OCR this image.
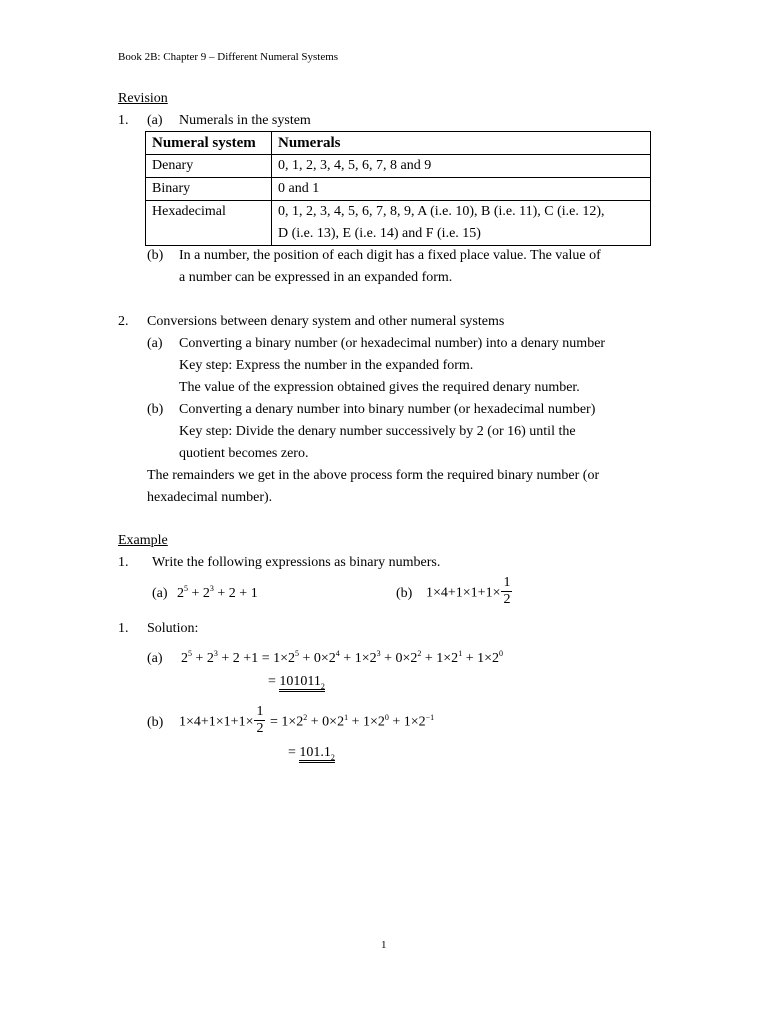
Book 2B: Chapter 9 – Different Numeral Systems
Revision
1. (a) Numerals in the system
Numeral system	Numerals
Denary	0, 1, 2, 3, 4, 5, 6, 7, 8 and 9
Binary	0 and 1
Hexadecimal	0, 1, 2, 3, 4, 5, 6, 7, 8, 9, A (i.e. 10), B (i.e. 11), C (i.e. 12),
D (i.e. 13), E (i.e. 14) and F (i.e. 15)
(b) In a number, the position of each digit has a fixed place value. The value of
a number can be expressed in an expanded form.
2. Conversions between denary system and other numeral systems
(a) Converting a binary number (or hexadecimal number) into a denary number
Key step: Express the number in the expanded form.
The value of the expression obtained gives the required denary number.
(b) Converting a denary number into binary number (or hexadecimal number)
Key step: Divide the denary number successively by 2 (or 16) until the
quotient becomes zero.
The remainders we get in the above process form the required binary number (or
hexadecimal number).
Example
1. Write the following expressions as binary numbers.
(a) $2^5 + 2^3 + 2 + 1$	(b) $1\times 4+1\times 1+1\times \frac{1}{2}$
1. Solution:
(a) $2^5 + 2^3 + 2 +1 = 1\times 2^5 + 0\times 2^4 + 1\times 2^3 + 0\times 2^2 + 1\times 2^1 + 1\times 2^0$
= $101011_2$
(b) $1\times 4+1\times 1+1\times \frac{1}{2} = 1\times 2^2 + 0\times 2^1 + 1\times 2^0 + 1\times 2^{-1}$
= $101.1_2$
1
